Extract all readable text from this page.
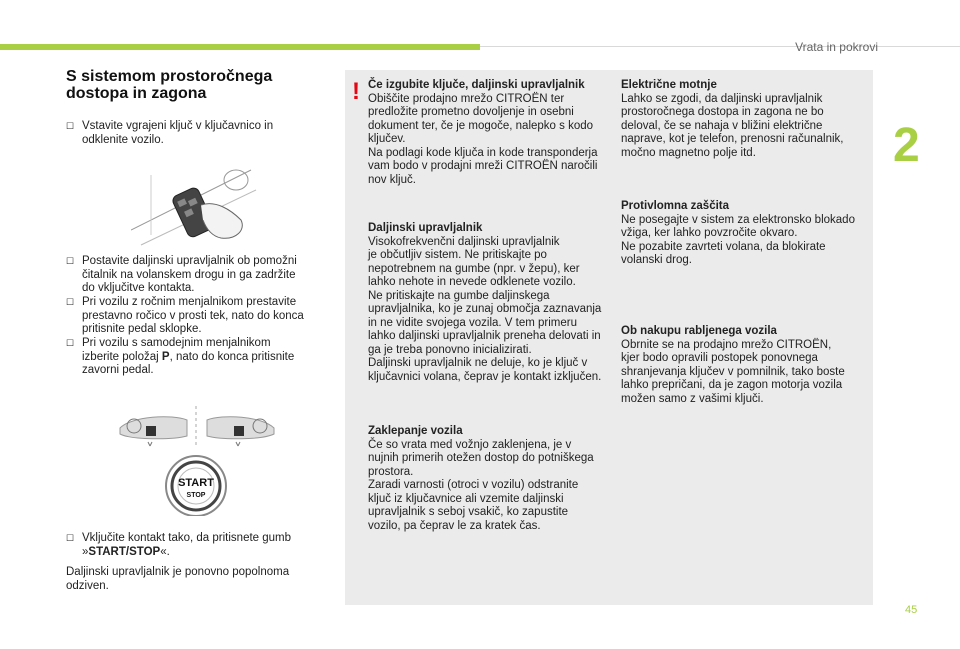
Vrata in pokrovi
2
45
S sistemom prostoročnega
dostopa in zagona
☐ Vstavite vgrajeni ključ v ključavnico in
odklenite vozilo.
☐ Postavite daljinski upravljalnik ob pomožni
čitalnik na volanskem drogu in ga zadržite
do vključitve kontakta.
☐ Pri vozilu z ročnim menjalnikom prestavite
prestavno ročico v prosti tek, nato do konca
pritisnite pedal sklopke.
☐ Pri vozilu s samodejnim menjalnikom
izberite položaj P, nato do konca pritisnite
zavorni pedal.
START
STOP
☐ Vključite kontakt tako, da pritisnete gumb
»START/STOP«.
Daljinski upravljalnik je ponovno popolnoma
odziven.
! Če izgubite ključe, daljinski upravljalnik
Obiščite prodajno mrežo CITROËN ter
predložite prometno dovoljenje in osebni
dokument ter, če je mogoče, nalepko s kodo
ključev.
Na podlagi kode ključa in kode transponderja
vam bodo v prodajni mreži CITROËN naročili
nov ključ.
Daljinski upravljalnik
Visokofrekvenčni daljinski upravljalnik
je občutljiv sistem. Ne pritiskajte po
nepotrebnem na gumbe (npr. v žepu), ker
lahko nehote in nevede odklenete vozilo.
Ne pritiskajte na gumbe daljinskega
upravljalnika, ko je zunaj območja zaznavanja
in ne vidite svojega vozila. V tem primeru
lahko daljinski upravljalnik preneha delovati in
ga je treba ponovno inicializirati.
Daljinski upravljalnik ne deluje, ko je ključ v
ključavnici volana, čeprav je kontakt izključen.
Zaklepanje vozila
Če so vrata med vožnjo zaklenjena, je v
nujnih primerih otežen dostop do potniškega
prostora.
Zaradi varnosti (otroci v vozilu) odstranite
ključ iz ključavnice ali vzemite daljinski
upravljalnik s seboj vsakič, ko zapustite
vozilo, pa čeprav le za kratek čas.
Električne motnje
Lahko se zgodi, da daljinski upravljalnik
prostoročnega dostopa in zagona ne bo
deloval, če se nahaja v bližini električne
naprave, kot je telefon, prenosni računalnik,
močno magnetno polje itd.
Protivlomna zaščita
Ne posegajte v sistem za elektronsko blokado
vžiga, ker lahko povzročite okvaro.
Ne pozabite zavrteti volana, da blokirate
volanski drog.
Ob nakupu rabljenega vozila
Obrnite se na prodajno mrežo CITROËN,
kjer bodo opravili postopek ponovnega
shranjevanja ključev v pomnilnik, tako boste
lahko prepričani, da je zagon motorja vozila
možen samo z vašimi ključi.
